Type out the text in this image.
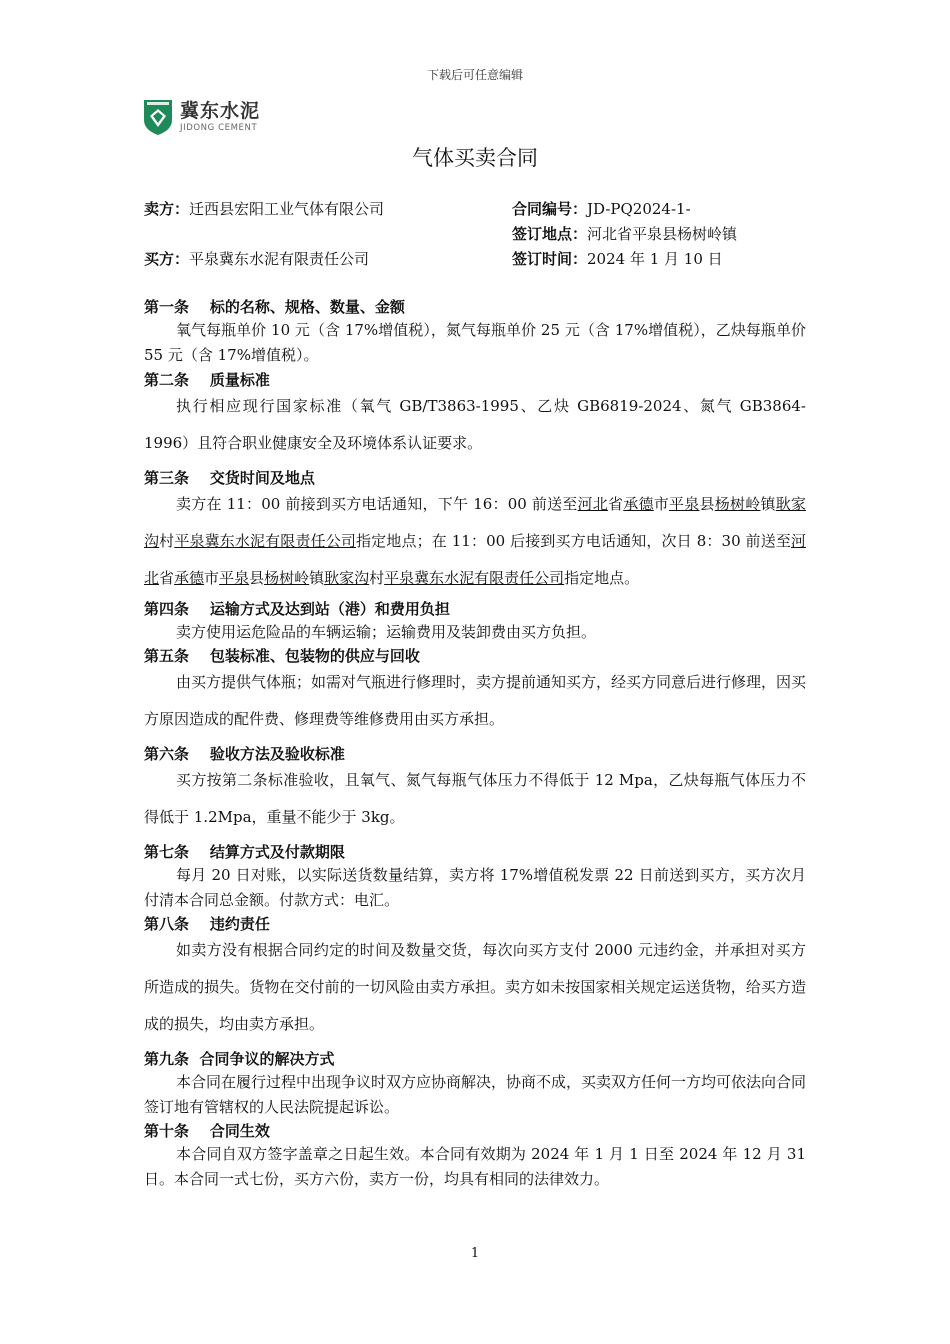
下载后可任意编辑
冀东水泥
JIDONG CEMENT
气体买卖合同
卖方：迁西县宏阳工业气体有限公司
买方：平泉冀东水泥有限责任公司
合同编号：JD-PQ2024-1-
签订地点：河北省平泉县杨树岭镇
签订时间：2024 年 1 月 10 日
第一条    标的名称、规格、数量、金额

氧气每瓶单价 10 元（含 17%增值税），氮气每瓶单价 25 元（含 17%增值税），乙炔每瓶单价 55 元（含 17%增值税）。

第二条    质量标准

执行相应现行国家标准（氧气 GB/T3863-1995、乙炔 GB6819-2024、氮气 GB3864-1996）且符合职业健康安全及环境体系认证要求。

第三条    交货时间及地点

卖方在 11：00 前接到买方电话通知，下午 16：00 前送至河北省承德市平泉县杨树岭镇耿家沟村平泉冀东水泥有限责任公司指定地点；在 11：00 后接到买方电话通知，次日 8：30 前送至河北省承德市平泉县杨树岭镇耿家沟村平泉冀东水泥有限责任公司指定地点。

第四条    运输方式及达到站（港）和费用负担

卖方使用运危险品的车辆运输；运输费用及装卸费由买方负担。

第五条    包装标准、包装物的供应与回收

由买方提供气体瓶；如需对气瓶进行修理时，卖方提前通知买方，经买方同意后进行修理，因买方原因造成的配件费、修理费等维修费用由买方承担。

第六条    验收方法及验收标准

买方按第二条标准验收，且氧气、氮气每瓶气体压力不得低于 12 Mpa，乙炔每瓶气体压力不得低于 1.2Mpa，重量不能少于 3kg。

第七条    结算方式及付款期限

每月 20 日对账，以实际送货数量结算，卖方将 17%增值税发票 22 日前送到买方，买方次月付清本合同总金额。付款方式：电汇。

第八条    违约责任

如卖方没有根据合同约定的时间及数量交货，每次向买方支付 2000 元违约金，并承担对买方所造成的损失。货物在交付前的一切风险由卖方承担。卖方如未按国家相关规定运送货物，给买方造成的损失，均由卖方承担。

第九条  合同争议的解决方式

本合同在履行过程中出现争议时双方应协商解决，协商不成，买卖双方任何一方均可依法向合同签订地有管辖权的人民法院提起诉讼。

第十条    合同生效

本合同自双方签字盖章之日起生效。本合同有效期为 2024 年 1 月 1 日至 2024 年 12 月 31 日。本合同一式七份，买方六份，卖方一份，均具有相同的法律效力。

1
